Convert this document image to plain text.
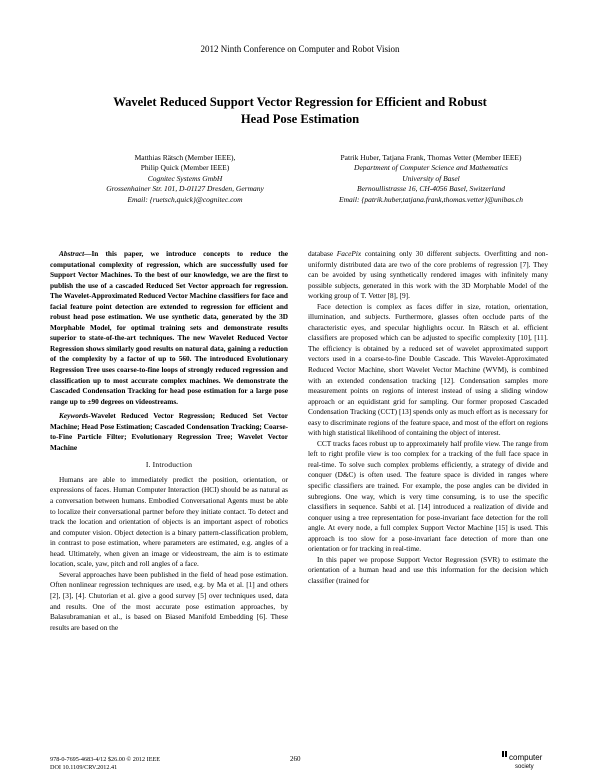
2012 Ninth Conference on Computer and Robot Vision
Wavelet Reduced Support Vector Regression for Efficient and Robust
Head Pose Estimation
Matthias Rätsch (Member IEEE),
Philip Quick (Member IEEE)
Cognitec Systems GmbH
Grossenhainer Str. 101, D-01127 Dresden, Germany
Email: {ruetsch,quick}@cognitec.com
Patrik Huber, Tatjana Frank, Thomas Vetter (Member IEEE)
Department of Computer Science and Mathematics
University of Basel
Bernoullistrasse 16, CH-4056 Basel, Switzerland
Email: {patrik.huber,tatjana.frank,thomas.vetter}@unibas.ch

Abstract—In this paper, we introduce concepts to reduce the computational complexity of regression, which are successfully used for Support Vector Machines. To the best of our knowledge, we are the first to publish the use of a cascaded Reduced Set Vector approach for regression. The Wavelet-Approximated Reduced Vector Machine classifiers for face and facial feature point detection are extended to regression for efficient and robust head pose estimation. We use synthetic data, generated by the 3D Morphable Model, for optimal training sets and demonstrate results superior to state-of-the-art techniques. The new Wavelet Reduced Vector Regression shows similarly good results on natural data, gaining a reduction of the complexity by a factor of up to 560. The introduced Evolutionary Regression Tree uses coarse-to-fine loops of strongly reduced regression and classification up to most accurate complex machines. We demonstrate the Cascaded Condensation Tracking for head pose estimation for a large pose range up to ±90 degrees on videostreams.

Keywords-Wavelet Reduced Vector Regression; Reduced Set Vector Machine; Head Pose Estimation; Cascaded Condensation Tracking; Coarse-to-Fine Particle Filter; Evolutionary Regression Tree; Wavelet Vector Machine

I. Introduction

Humans are able to immediately predict the position, orientation, or expressions of faces. Human Computer Interaction (HCI) should be as natural as a conversation between humans. Embodied Conversational Agents must be able to localize their conversational partner before they initiate contact. To detect and track the location and orientation of objects is an important aspect of robotics and computer vision. Object detection is a binary pattern-classification problem, in contrast to pose estimation, where parameters are estimated, e.g. angles of a head. Ultimately, when given an image or videostream, the aim is to estimate location, scale, yaw, pitch and roll angles of a face.

Several approaches have been published in the field of head pose estimation. Often nonlinear regression techniques are used, e.g. by Ma et al. [1] and others [2], [3], [4]. Chutorian et al. give a good survey [5] over techniques used, data and results. One of the most accurate pose estimation approaches, by Balasubramanian et al., is based on Biased Manifold Embedding [6]. These results are based on the

database FacePix containing only 30 different subjects. Overfitting and non-uniformly distributed data are two of the core problems of regression [7]. They can be avoided by using synthetically rendered images with infinitely many possible subjects, generated in this work with the 3D Morphable Model of the working group of T. Vetter [8], [9].

Face detection is complex as faces differ in size, rotation, orientation, illumination, and subjects. Furthermore, glasses often occlude parts of the characteristic eyes, and specular highlights occur. In Rätsch et al. efficient classifiers are proposed which can be adjusted to specific complexity [10], [11]. The efficiency is obtained by a reduced set of wavelet approximated support vectors used in a coarse-to-fine Double Cascade. This Wavelet-Approximated Reduced Vector Machine, short Wavelet Vector Machine (WVM), is combined with an extended condensation tracking [12]. Condensation samples more measurement points on regions of interest instead of using a sliding window approach or an equidistant grid for sampling. Our former proposed Cascaded Condensation Tracking (CCT) [13] spends only as much effort as is necessary for easy to discriminate regions of the feature space, and most of the effort on regions with high statistical likelihood of containing the object of interest.

CCT tracks faces robust up to approximately half profile view. The range from left to right profile view is too complex for a tracking of the full face space in real-time. To solve such complex problems efficiently, a strategy of divide and conquer (D&C) is often used. The feature space is divided in ranges where specific classifiers are trained. For example, the pose angles can be divided in subregions. One way, which is very time consuming, is to use the specific classifiers in sequence. Sahbi et al. [14] introduced a realization of divide and conquer using a tree representation for pose-invariant face detection for the roll angle. At every node, a full complex Support Vector Machine [15] is used. This approach is too slow for a pose-invariant face detection of more than one orientation or for tracking in real-time.

In this paper we propose Support Vector Regression (SVR) to estimate the orientation of a human head and use this information for the decision which classifier (trained for

978-0-7695-4683-4/12 $26.00 © 2012 IEEE
DOI 10.1109/CRV.2012.41
260	computer
society
